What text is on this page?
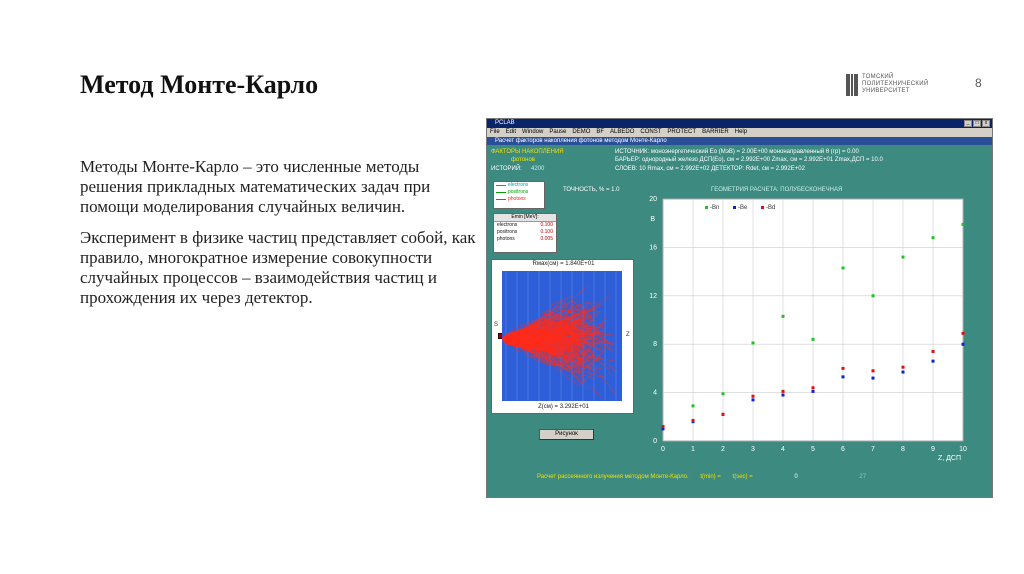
Метод Монте-Карло	ТОМСКИЙ ПОЛИТЕХНИЧЕСКИЙ УНИВЕРСИТЕТ
8

Методы Монте-Карло – это численные методы решения прикладных математических задач при помощи моделирования случайных величин.

Эксперимент в физике частиц представляет собой, как правило, многократное измерение совокупности случайных процессов – взаимодействия частиц и прохождения их через детектор.

PCLAB	_	□	x
File Edit Window Pause DEMO BF ALBEDO CONST PROTECT BARRIER Help
Расчет факторов накопления фотонов методом Монте-Карло
ФАКТОРЫ НАКОПЛЕНИЯ
фотонов
ИСТОРИЙ: 4200
ИСТОЧНИК: моноэнергетический Eo (МэВ) = 2.00E+00 мононаправленный θ (гр) = 0.00
БАРЬЕР: однородный железо ДСП(Eo), см = 2.992E+00 Zmax, см = 2.992E+01 Zmax,ДСП = 10.0
СЛОЕВ: 10 Rmax, см = 2.992E+02 ДЕТЕКТОР: Rdet, см = 2.992E+02
electrons
positrons
photons
ТОЧНОСТЬ, % = 1.0	ГЕОМЕТРИЯ РАСЧЕТА: ПОЛУБЕСКОНЕЧНАЯ
Emin [MeV]:
electrons	0.100
positrons	0.100
photons	0.005
Rмах(см) = 1.840E+01
S
Z
Z(см) = 3.292E+01
Рисунок
0	1	2	3	4	5	6	7	8	9	10
0
4
8
12
16
20
Z, ДСП
B
-Bn	-Be	-Bd
Расчет рассеянного излучения методом Монте-Карло. t(min) = t(sec) =	0	27
